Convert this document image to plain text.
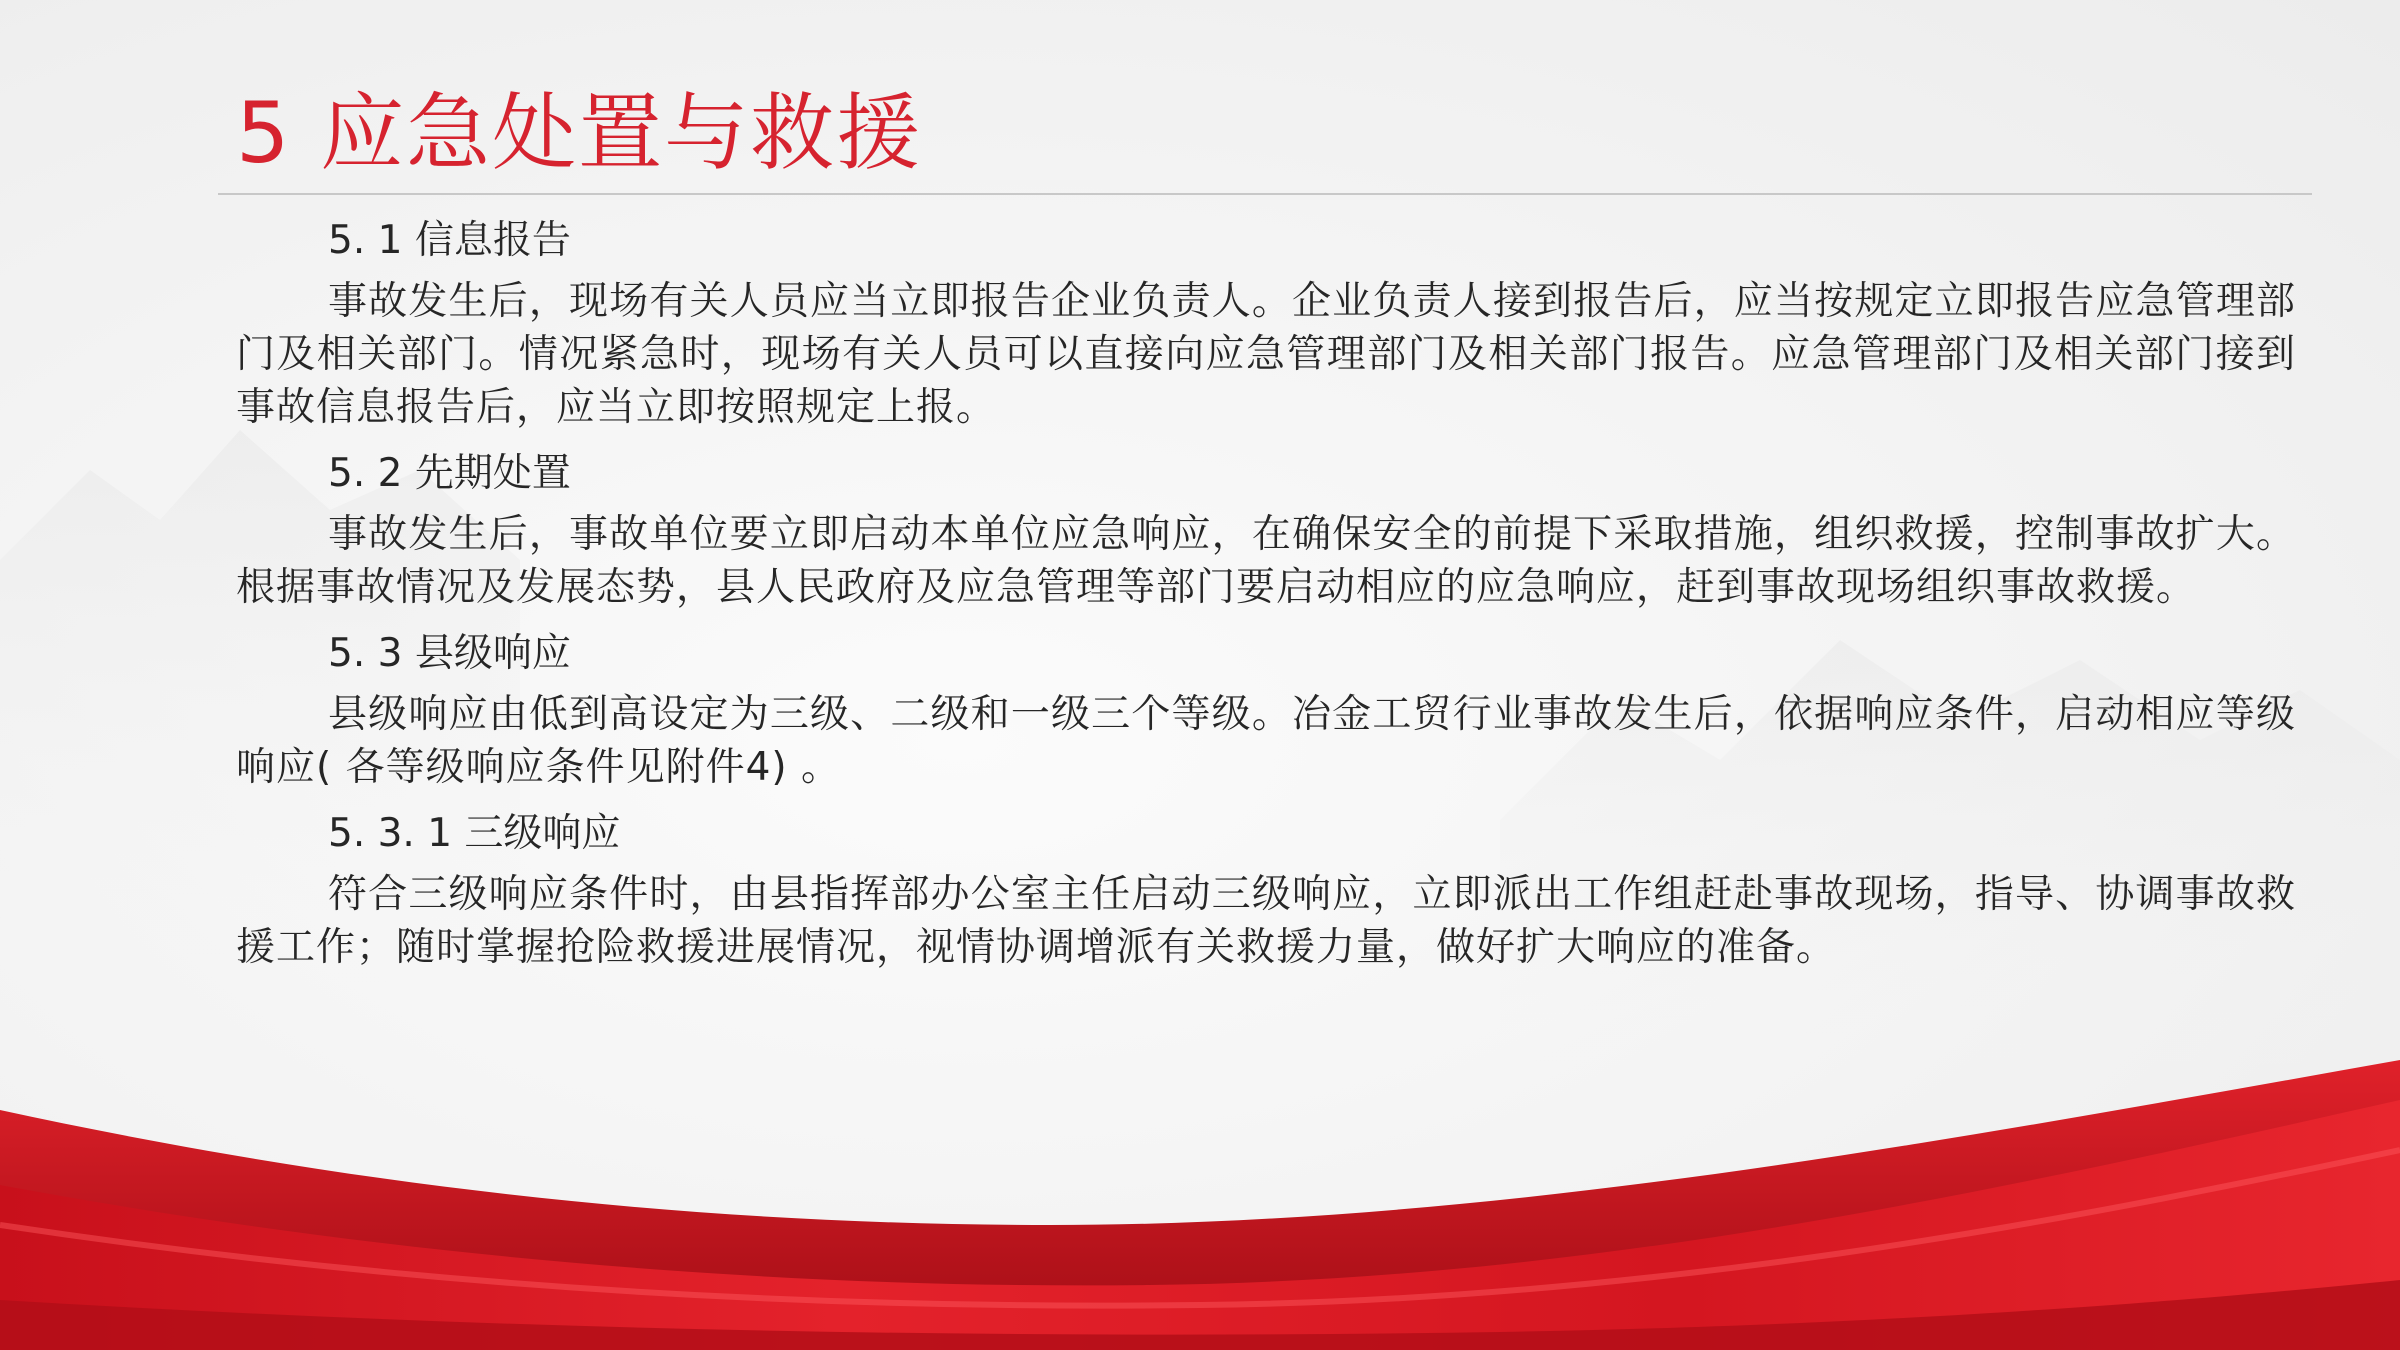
5 应急处置与救援
5. 1 信息报告

事故发生后，现场有关人员应当立即报告企业负责人。企业负责人接到报告后，应当按规定立即报告应急管理部门及相关部门。情况紧急时，现场有关人员可以直接向应急管理部门及相关部门报告。应急管理部门及相关部门接到事故信息报告后，应当立即按照规定上报。

5. 2 先期处置

事故发生后，事故单位要立即启动本单位应急响应，在确保安全的前提下采取措施，组织救援，控制事故扩大。根据事故情况及发展态势，县人民政府及应急管理等部门要启动相应的应急响应，赶到事故现场组织事故救援。

5. 3 县级响应

县级响应由低到高设定为三级、二级和一级三个等级。冶金工贸行业事故发生后，依据响应条件，启动相应等级响应( 各等级响应条件见附件4) 。

5. 3. 1 三级响应

符合三级响应条件时，由县指挥部办公室主任启动三级响应，立即派出工作组赶赴事故现场，指导、协调事故救援工作；随时掌握抢险救援进展情况，视情协调增派有关救援力量，做好扩大响应的准备。
